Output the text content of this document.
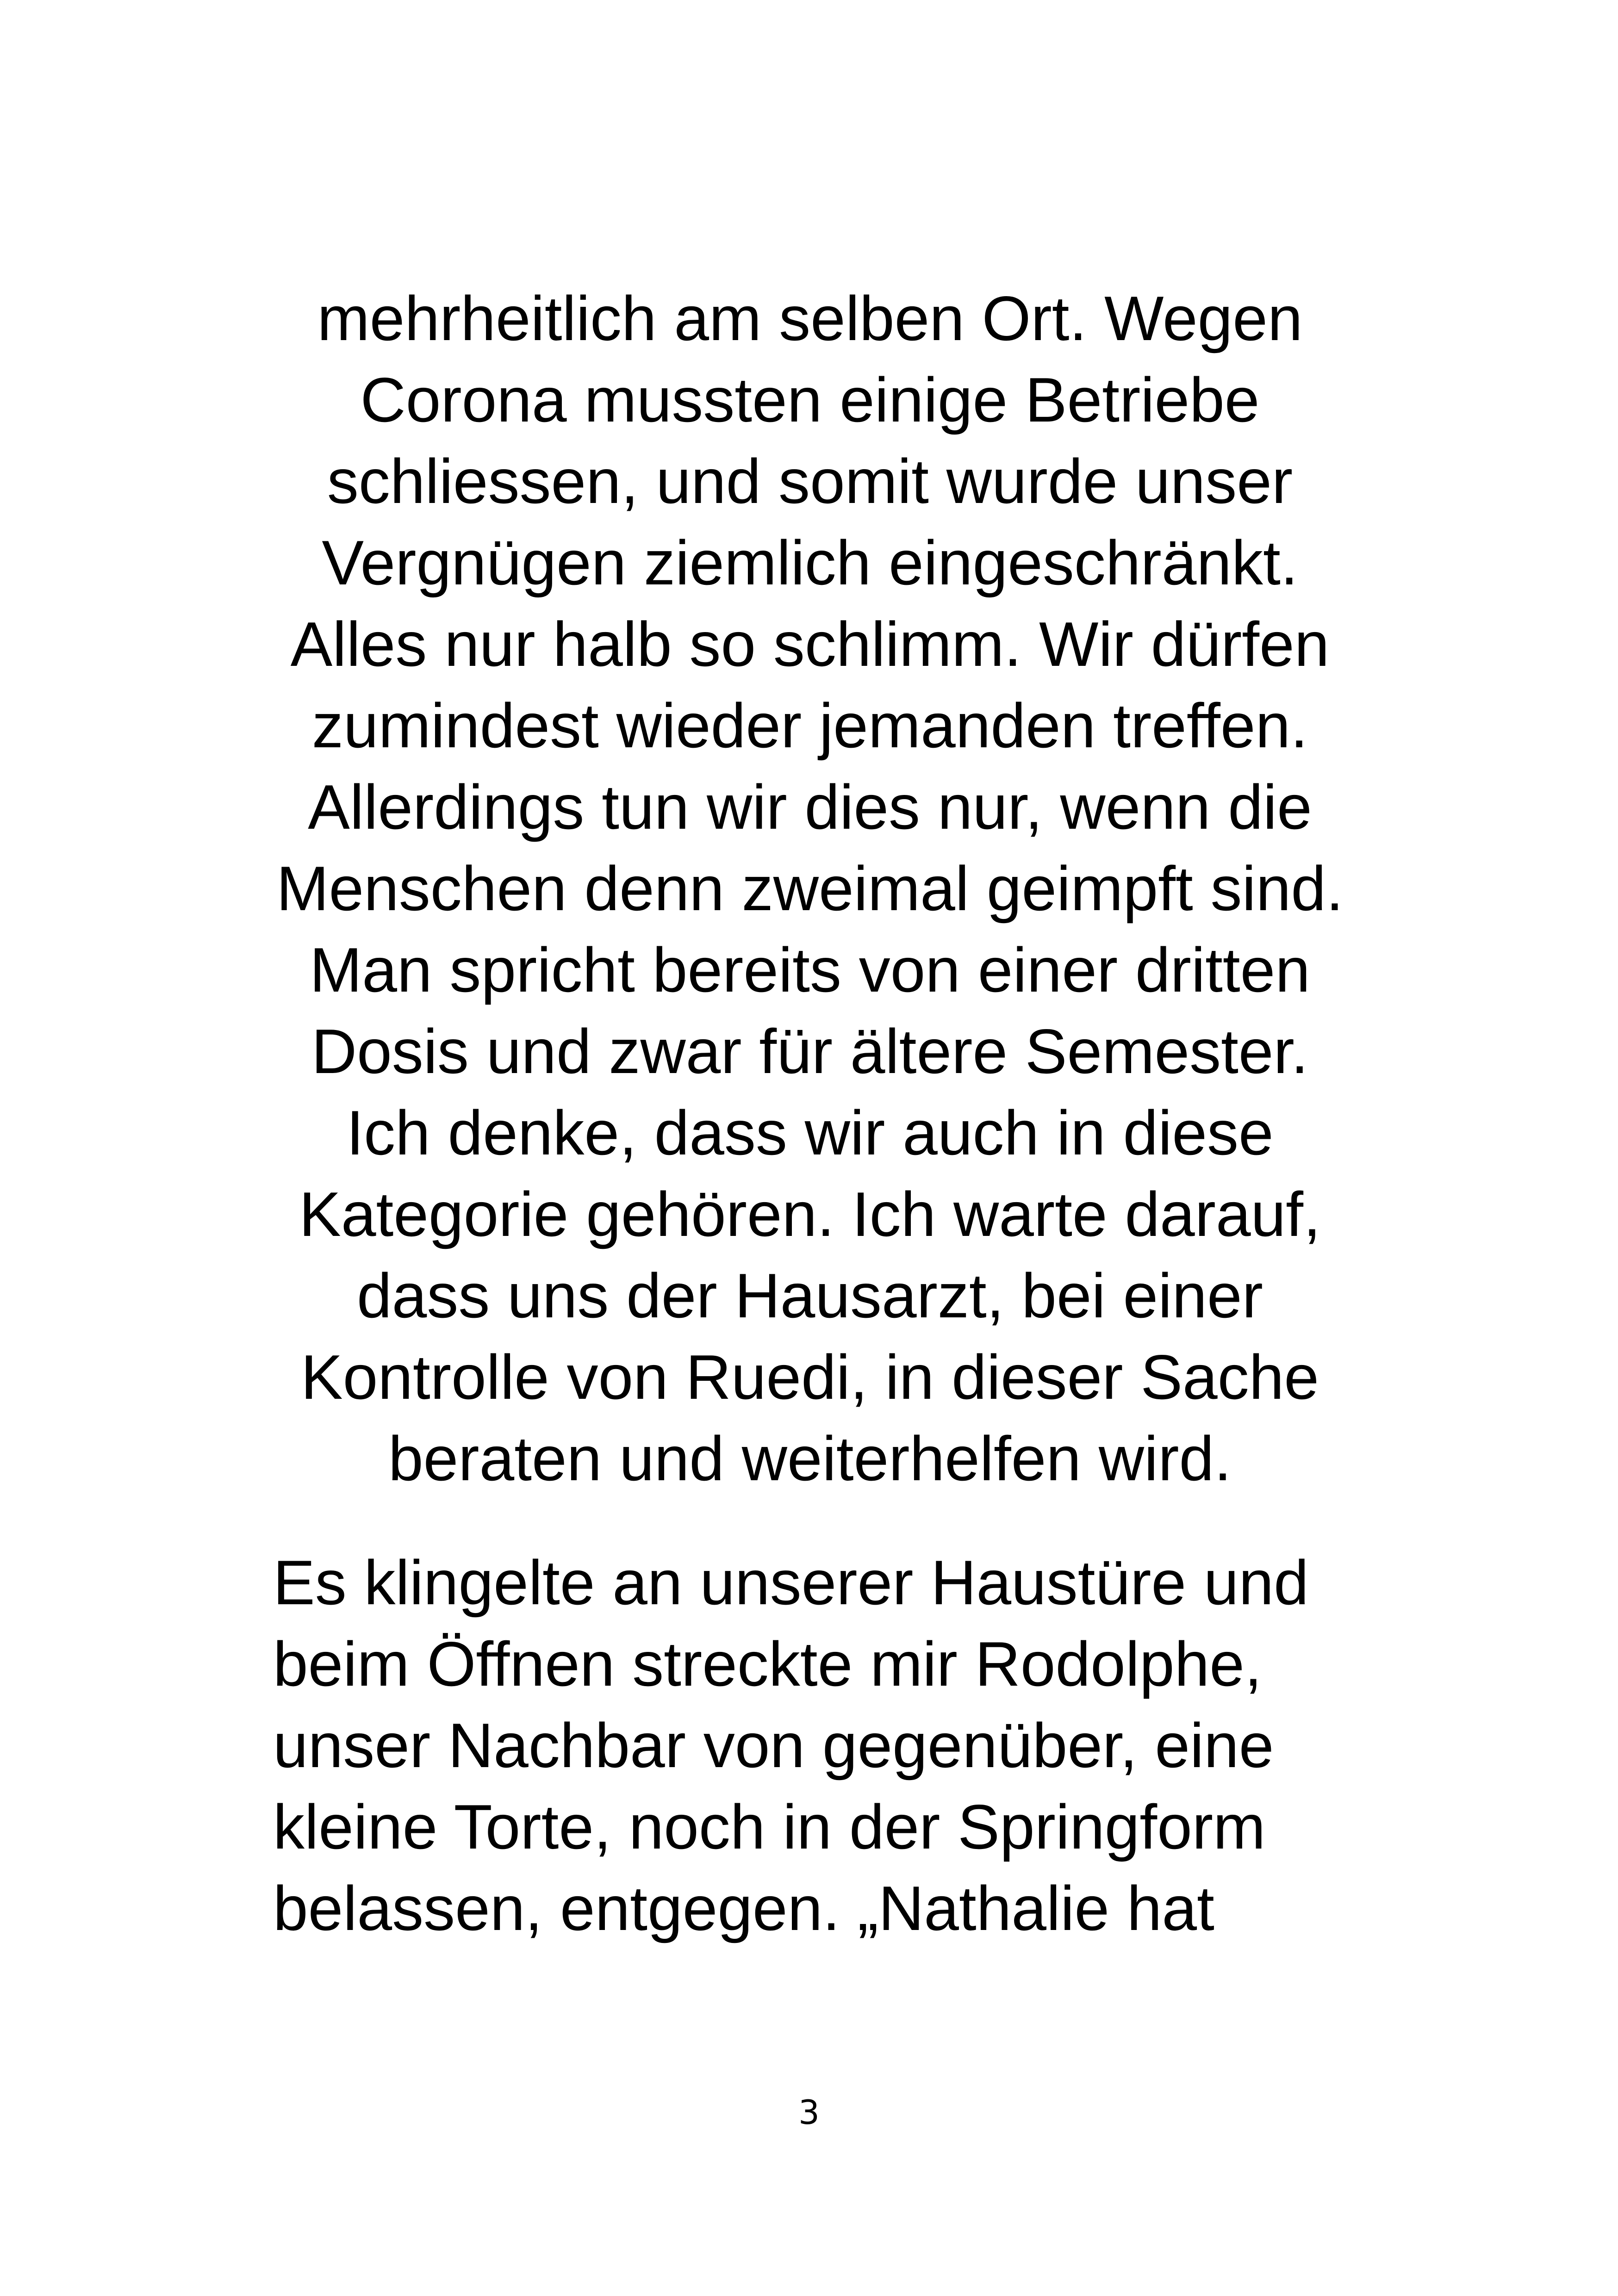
mehrheitlich am selben Ort. Wegen
Corona mussten einige Betriebe
schliessen, und somit wurde unser
Vergnügen ziemlich eingeschränkt.
Alles nur halb so schlimm. Wir dürfen
zumindest wieder jemanden treffen.
Allerdings tun wir dies nur, wenn die
Menschen denn zweimal geimpft sind.
Man spricht bereits von einer dritten
Dosis und zwar für ältere Semester.
Ich denke, dass wir auch in diese
Kategorie gehören. Ich warte darauf,
dass uns der Hausarzt, bei einer
Kontrolle von Ruedi, in dieser Sache
beraten und weiterhelfen wird.
Es klingelte an unserer Haustüre und
beim Öffnen streckte mir Rodolphe,
unser Nachbar von gegenüber, eine
kleine Torte, noch in der Springform
belassen, entgegen. „Nathalie hat
3
